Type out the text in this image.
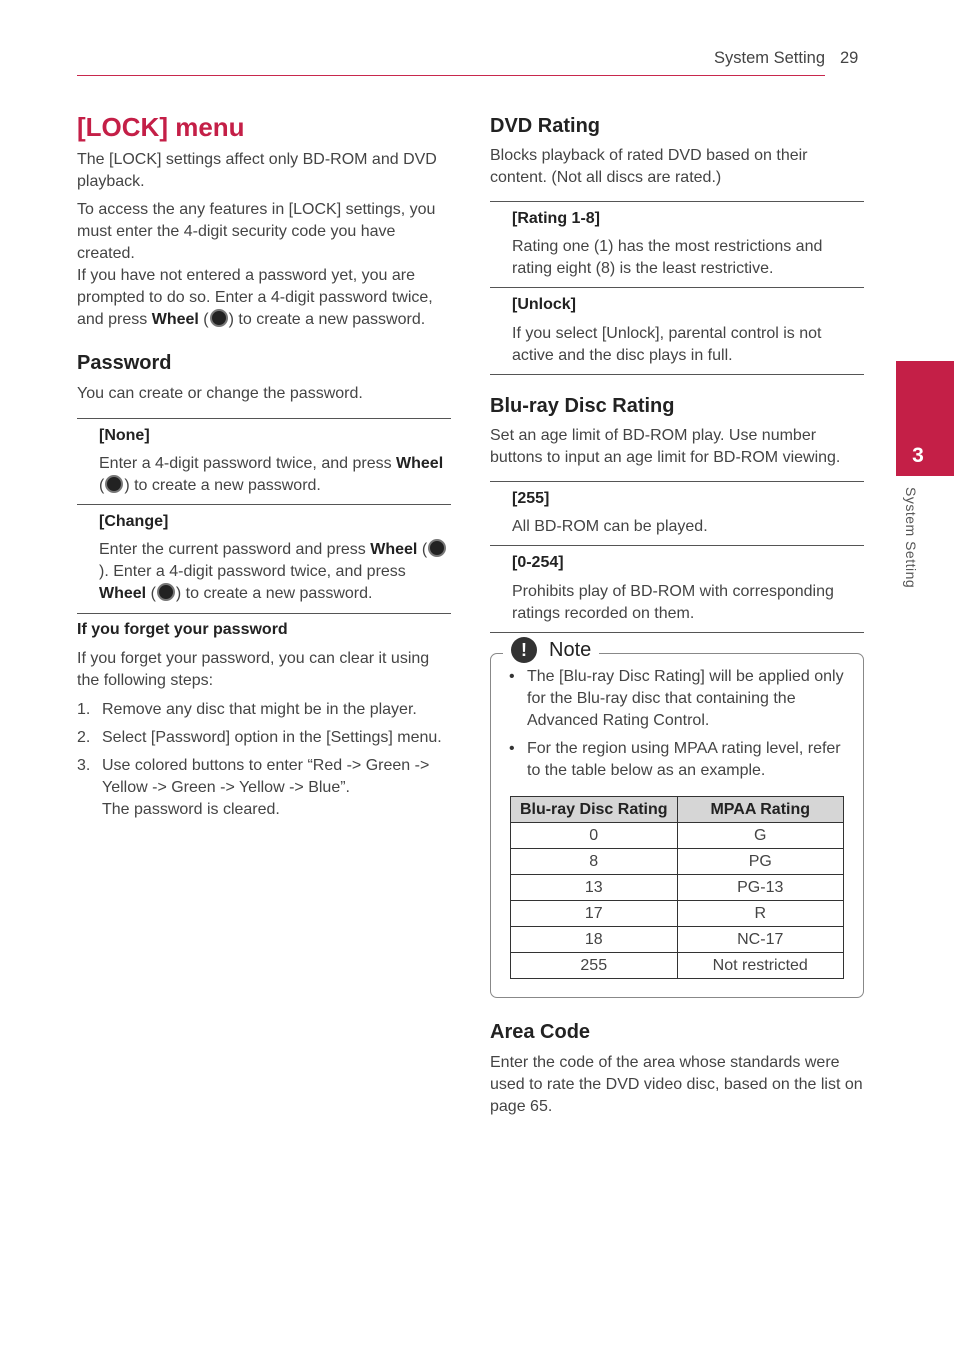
System Setting 29
3
System Setting

[LOCK] menu

The [LOCK] settings affect only BD-ROM and DVD playback.

To access the any features in [LOCK] settings, you must enter the 4-digit security code you have created.

If you have not entered a password yet, you are prompted to do so. Enter a 4-digit password twice, and press Wheel ( ) to create a new password.

Password

You can create or change the password.

[None]
Enter a 4-digit password twice, and press Wheel ( ) to create a new password.
[Change]
Enter the current password and press Wheel (). Enter a 4-digit password twice, and press Wheel ( ) to create a new password.

If you forget your password

If you forget your password, you can clear it using the following steps:

1. Remove any disc that might be in the player.
2. Select [Password] option in the [Settings] menu.
3. Use colored buttons to enter “Red -> Green -> Yellow -> Green -> Yellow -> Blue”.
The password is cleared.

DVD Rating

Blocks playback of rated DVD based on their content. (Not all discs are rated.)

[Rating 1-8]
Rating one (1) has the most restrictions and rating eight (8) is the least restrictive.
[Unlock]
If you select [Unlock], parental control is not active and the disc plays in full.

Blu-ray Disc Rating

Set an age limit of BD-ROM play. Use number buttons to input an age limit for BD-ROM viewing.

[255]
All BD-ROM can be played.
[0-254]
Prohibits play of BD-ROM with corresponding ratings recorded on them.
!	Note
• The [Blu-ray Disc Rating] will be applied only for the Blu-ray disc that containing the Advanced Rating Control.
• For the region using MPAA rating level, refer to the table below as an example.
Blu-ray Disc Rating	MPAA Rating
0	G
8	PG
13	PG-13
17	R
18	NC-17
255	Not restricted

Area Code

Enter the code of the area whose standards were used to rate the DVD video disc, based on the list on page 65.
